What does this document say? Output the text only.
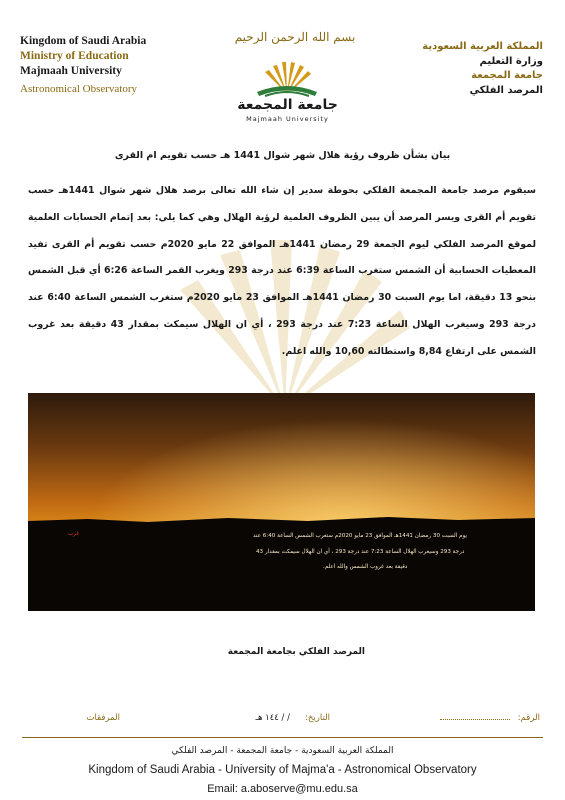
Kingdom of Saudi Arabia
Ministry of Education
Majmaah University
Astronomical Observatory
المملكة العربية السعودية
وزارة التعليم
جامعة المجمعة
المرصد الفلكي
بسم الله الرحمن الرحيم
جامعة المجمعة
Majmaah University
بيان بشأن ظروف رؤية هلال شهر شوال 1441 هـ حسب تقويم ام القرى
سيقوم مرصد جامعة المجمعة الفلكي بحوطة سدير إن شاء الله تعالى برصد هلال شهر شوال 1441هـ حسب تقويم أم القرى ويسر المرصد أن يبين الظروف العلمية لرؤية الهلال وهي كما يلي: بعد إتمام الحسابات العلمية لموقع المرصد الفلكي ليوم الجمعة 29 رمضان 1441هـ الموافق 22 مايو 2020م حسب تقويم أم القرى تفيد المعطيات الحسابية أن الشمس ستغرب الساعة 6:39 عند درجة 293 ويغرب القمر الساعة 6:26 أي قبل الشمس بنحو 13 دقيقة، اما يوم السبت 30 رمضان 1441هـ الموافق 23 مايو 2020م ستغرب الشمس الساعة 6:40 عند درجة 293 وسيغرب الهلال الساعة 7:23 عند درجة 293 ، أي ان الهلال سيمكث بمقدار 43 دقيقة بعد غروب الشمس على ارتفاع 8,84 واستطالته 10,60 والله اعلم.
غرب	يوم السبت 30 رمضان 1441هـ الموافق 23 مايو 2020م ستغرب الشمس الساعة 6:40 عند
درجة 293 وسيغرب الهلال الساعة 7:23 عند درجة 293 ، أي ان الهلال سيمكث بمقدار 43
دقيقة بعد غروب الشمس والله اعلم.
المرصد الفلكي بجامعة المجمعة
الرقم:
التاريخ:
/ / ١٤٤ هـ
المرفقات
المملكة العربية السعودية - جامعة المجمعة - المرصد الفلكي
Kingdom of Saudi Arabia - University of Majma'a - Astronomical Observatory
Email: a.aboserve@mu.edu.sa
